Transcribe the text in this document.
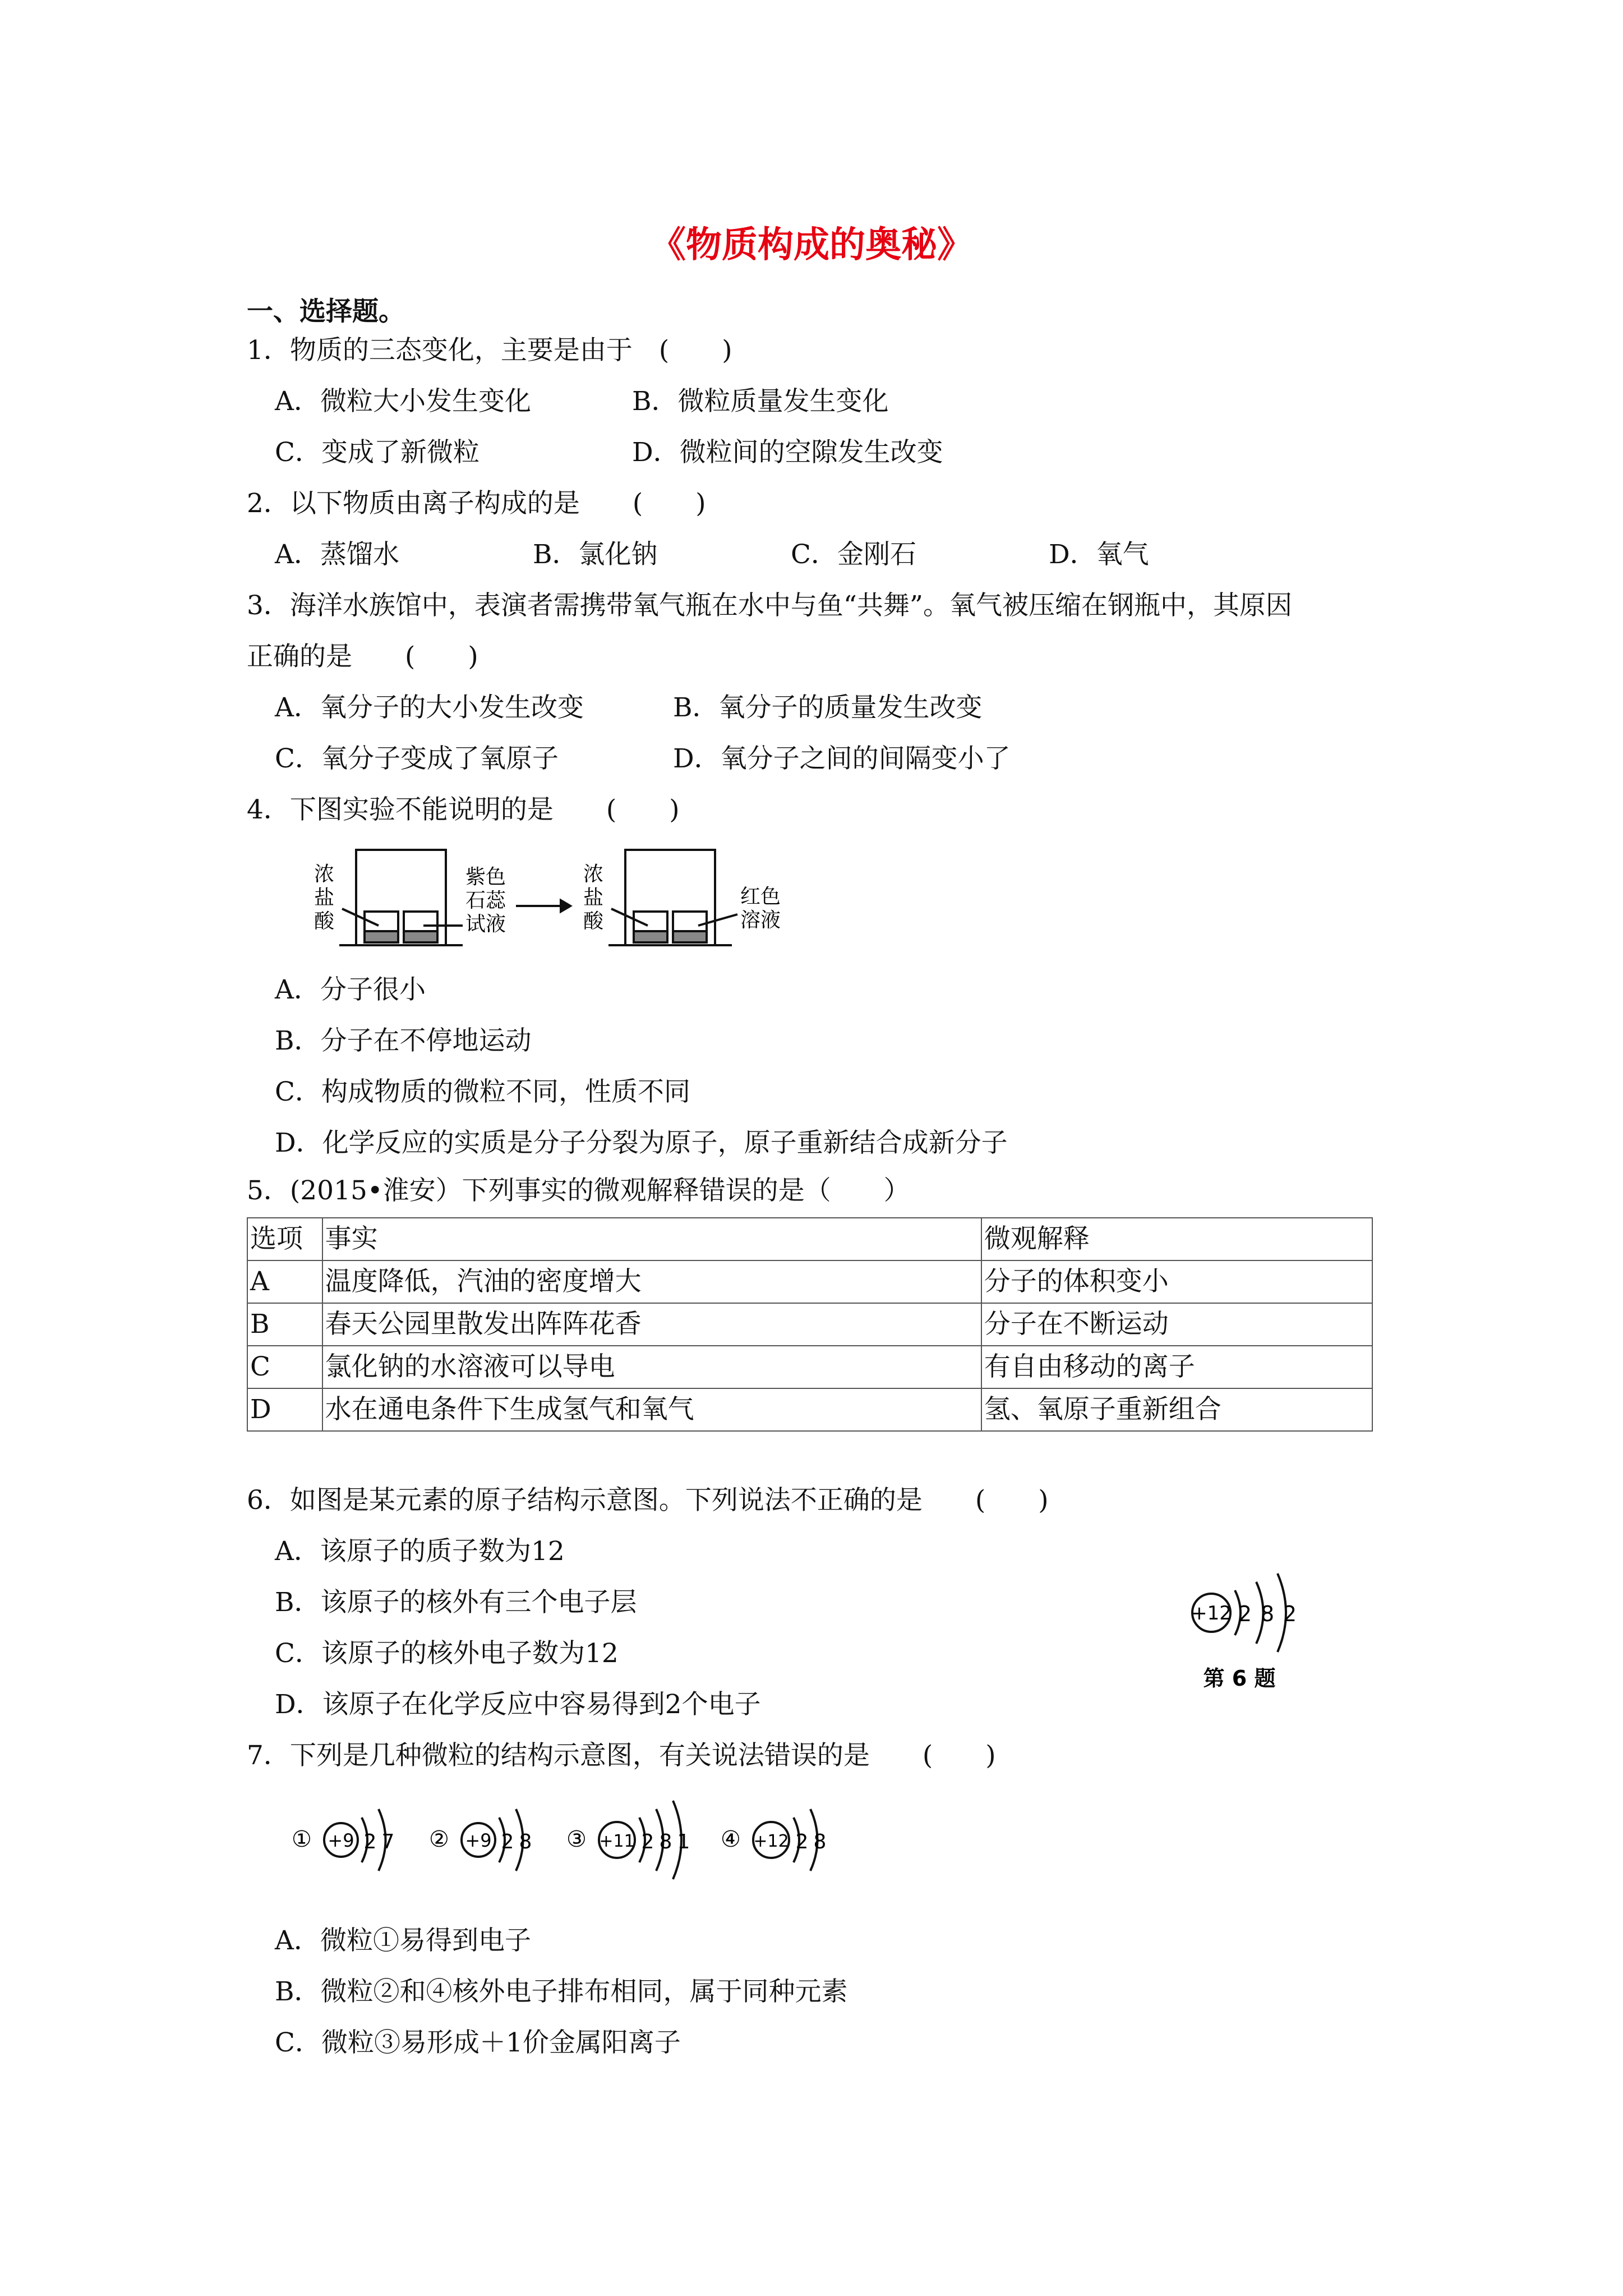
《物质构成的奥秘》
一、选择题。
1．物质的三态变化，主要是由于　(　　)
A．微粒大小发生变化	B．微粒质量发生变化
C．变成了新微粒	D．微粒间的空隙发生改变
2．以下物质由离子构成的是　　(　　)
A．蒸馏水	B．氯化钠	C．金刚石	D．氧气
3．海洋水族馆中，表演者需携带氧气瓶在水中与鱼“共舞”。氧气被压缩在钢瓶中，其原因
正确的是　　(　　)
A．氧分子的大小发生改变	B．氧分子的质量发生改变
C．氧分子变成了氧原子	D．氧分子之间的间隔变小了
4．下图实验不能说明的是　　(　　)
浓
盐
酸
紫色
石蕊
试液
浓
盐
酸
红色
溶液
A．分子很小
B．分子在不停地运动
C．构成物质的微粒不同，性质不同
D．化学反应的实质是分子分裂为原子，原子重新结合成新分子
5．(2015•淮安）下列事实的微观解释错误的是（　　）
选项	事实	微观解释
A	温度降低，汽油的密度增大	分子的体积变小
B	春天公园里散发出阵阵花香	分子在不断运动
C	氯化钠的水溶液可以导电	有自由移动的离子
D	水在通电条件下生成氢气和氧气	氢、氧原子重新组合
6．如图是某元素的原子结构示意图。下列说法不正确的是　　(　　)
A．该原子的质子数为12
B．该原子的核外有三个电子层
C．该原子的核外电子数为12
D．该原子在化学反应中容易得到2个电子
+12 2 8 2
第 6 题
7．下列是几种微粒的结构示意图，有关说法错误的是　　(　　)
① +9 2 7 ② +9 2 8 ③ +11 2 8 1 ④ +12 2 8
A．微粒①易得到电子
B．微粒②和④核外电子排布相同，属于同种元素
C．微粒③易形成＋1价金属阳离子
